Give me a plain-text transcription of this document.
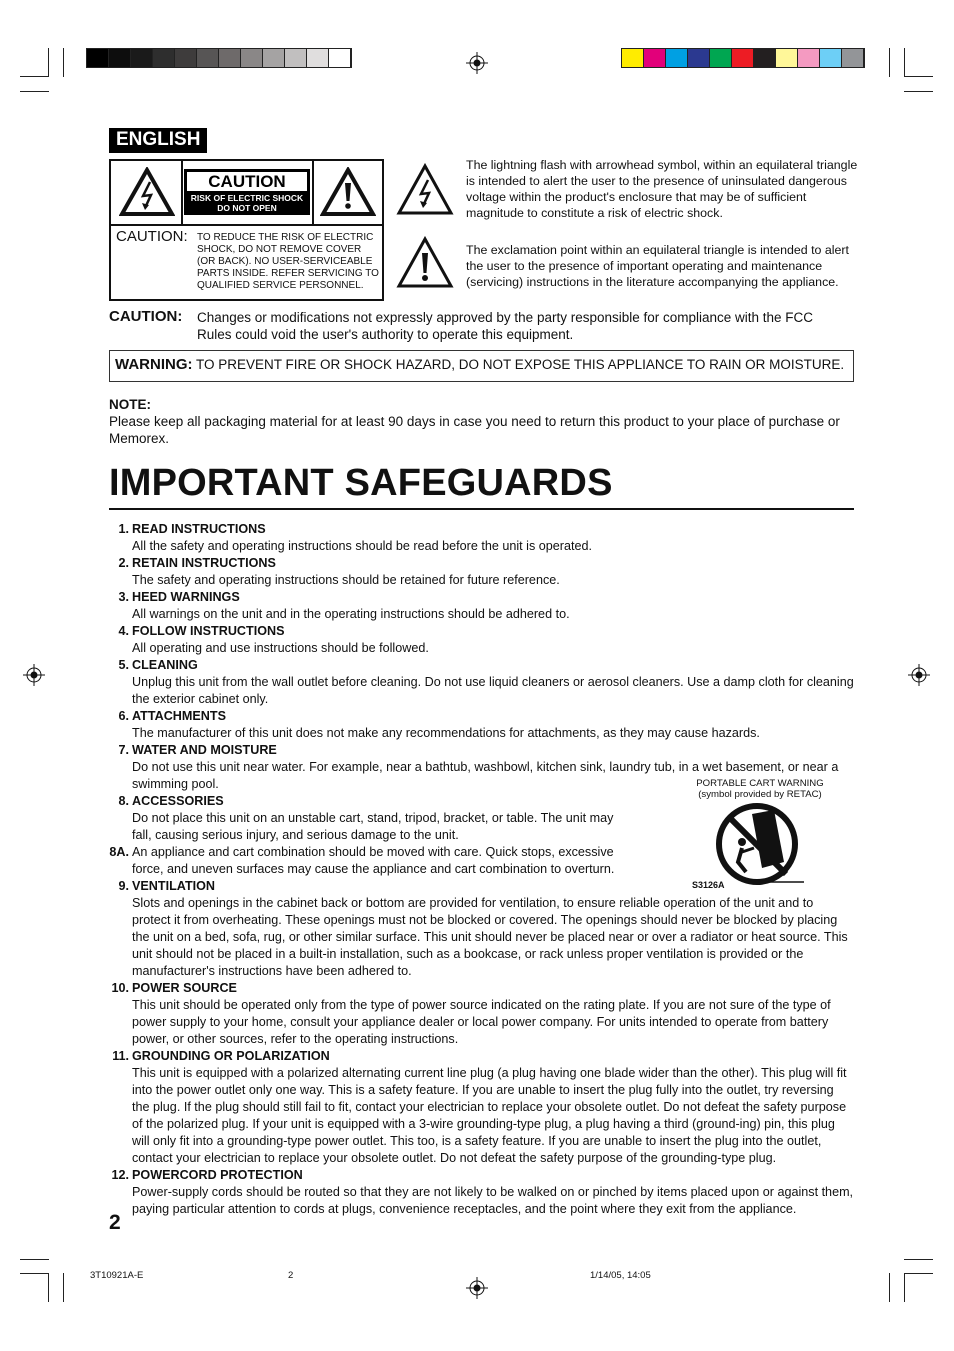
ENGLISH
CAUTION
RISK OF ELECTRIC SHOCK
DO NOT OPEN
CAUTION: TO REDUCE THE RISK OF ELECTRIC SHOCK, DO NOT REMOVE COVER (OR BACK). NO USER-SERVICEABLE PARTS INSIDE. REFER SERVICING TO QUALIFIED SERVICE PERSONNEL.
The lightning flash with arrowhead symbol, within an equilateral triangle is intended to alert the user to the presence of uninsulated dangerous voltage within the product's enclosure that may be of sufficient magnitude to constitute a risk of electric shock.
The exclamation point within an equilateral triangle is intended to alert the user to the presence of important operating and maintenance (servicing) instructions in the literature accompanying the appliance.
CAUTION:	Changes or modifications not expressly approved by the party responsible for compliance with the FCC Rules could void the user's authority to operate this equipment.
WARNING: TO PREVENT FIRE OR SHOCK HAZARD, DO NOT EXPOSE THIS APPLIANCE TO RAIN OR MOISTURE.
NOTE:
Please keep all packaging material for at least 90 days in case you need to return this product to your place of purchase or Memorex.
IMPORTANT SAFEGUARDS
1. READ INSTRUCTIONS
All the safety and operating instructions should be read before the unit is operated.
2. RETAIN INSTRUCTIONS
The safety and operating instructions should be retained for future reference.
3. HEED WARNINGS
All warnings on the unit and in the operating instructions should be adhered to.
4. FOLLOW INSTRUCTIONS
All operating and use instructions should be followed.
5. CLEANING
Unplug this unit from the wall outlet before cleaning. Do not use liquid cleaners or aerosol cleaners. Use a damp cloth for cleaning the exterior cabinet only.
6. ATTACHMENTS
The manufacturer of this unit does not make any recommendations for attachments, as they may cause hazards.
7. WATER AND MOISTURE
Do not use this unit near water. For example, near a bathtub, washbowl, kitchen sink, laundry tub, in a wet basement, or near a swimming pool.
8. ACCESSORIES
Do not place this unit on an unstable cart, stand, tripod, bracket, or table. The unit may fall, causing serious injury, and serious damage to the unit.
8A. An appliance and cart combination should be moved with care. Quick stops, excessive force, and uneven surfaces may cause the appliance and cart combination to overturn.
9. VENTILATION
Slots and openings in the cabinet back or bottom are provided for ventilation, to ensure reliable operation of the unit and to protect it from overheating. These openings must not be blocked or covered. The openings should never be blocked by placing the unit on a bed, sofa, rug, or other similar surface. This unit should never be placed near or over a radiator or heat source. This unit should not be placed in a built-in installation, such as a bookcase, or rack unless proper ventilation is provided or the manufacturer's instructions have been adhered to.
10. POWER SOURCE
This unit should be operated only from the type of power source indicated on the rating plate. If you are not sure of the type of power supply to your home, consult your appliance dealer or local power company. For units intended to operate from battery power, or other sources, refer to the operating instructions.
11. GROUNDING OR POLARIZATION
This unit is equipped with a polarized alternating current line plug (a plug having one blade wider than the other). This plug will fit into the power outlet only one way. This is a safety feature. If you are unable to insert the plug fully into the outlet, try reversing the plug. If the plug should still fail to fit, contact your electrician to replace your obsolete outlet. Do not defeat the safety purpose of the polarized plug. If your unit is equipped with a 3-wire grounding-type plug, a plug having a third (ground-ing) pin, this plug will only fit into a grounding-type power outlet. This too, is a safety feature. If you are unable to insert the plug into the outlet, contact your electrician to replace your obsolete outlet. Do not defeat the safety purpose of the grounding-type plug.
12. POWERCORD PROTECTION
Power-supply cords should be routed so that they are not likely to be walked on or pinched by items placed upon or against them, paying particular attention to cords at plugs, convenience receptacles, and the point where they exit from the appliance.
PORTABLE CART WARNING
(symbol provided by RETAC)
S3126A
2
3T10921A-E	2	1/14/05, 14:05
